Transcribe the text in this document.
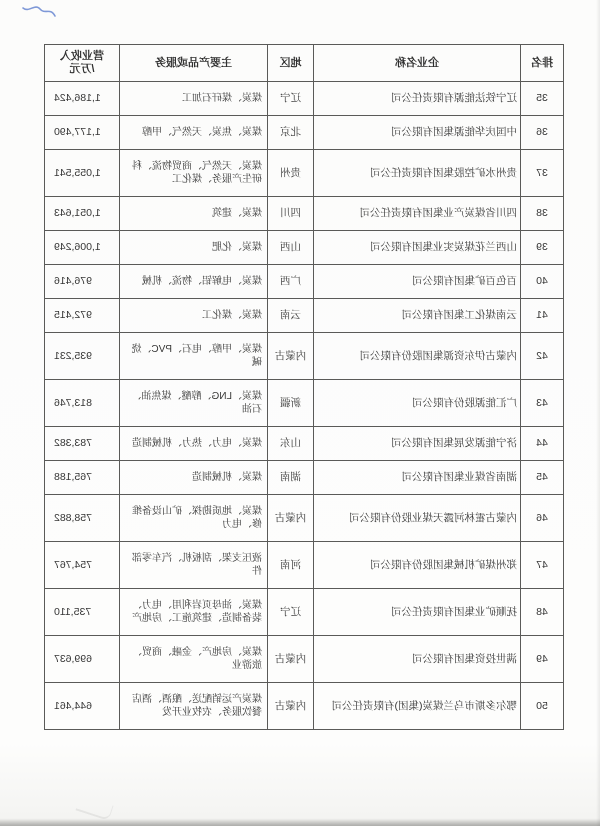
排名	企业名称	地区	主要产品或服务	营业收入
/万元

35	辽宁铁法能源有限责任公司	辽宁	煤炭、煤矸石加工	1,186,424
36	中国庆华能源集团有限公司	北京	煤炭、焦炭、天然气、甲醇	1,177,490
37	贵州水矿控股集团有限责任公司	贵州	煤炭、天然气、商贸物流、科研生产服务、煤化工	1,055,541
38	四川省煤炭产业集团有限责任公司	四川	煤炭、建筑	1,051,643
39	山西兰花煤炭实业集团有限公司	山西	煤炭、化肥	1,006,249
40	百色百矿集团有限公司	广西	煤炭、电解铝、物流、机械	976,416
41	云南煤化工集团有限公司	云南	煤炭、煤化工	972,415
42	内蒙古伊东资源集团股份有限公司	内蒙古	煤炭、甲醇、电石、PVC、烧碱	935,231
43	广汇能源股份有限公司	新疆	煤炭、LNG、醇醚、煤焦油、石油	813,746
44	济宁能源发展集团有限公司	山东	煤炭、电力、热力、机械制造	783,382
45	湖南省煤业集团有限公司	湖南	煤炭、机械制造	765,188
46	内蒙古霍林河露天煤业股份有限公司	内蒙古	煤炭、地质勘探、矿山设备维修、电力	758,882
47	郑州煤矿机械集团股份有限公司	河南	液压支架、刮板机、汽车零部件	754,767
48	抚顺矿业集团有限责任公司	辽宁	煤炭、油母页岩利用、电力、装备制造、建筑施工、房地产	735,110
49	满世投资集团有限公司	内蒙古	煤炭、房地产、金融、商贸、旅游业	699,637
50	鄂尔多斯市乌兰煤炭(集团)有限责任公司	内蒙古	煤炭产运销配送、酿酒、酒店餐饮服务、农牧业开发	644,461
